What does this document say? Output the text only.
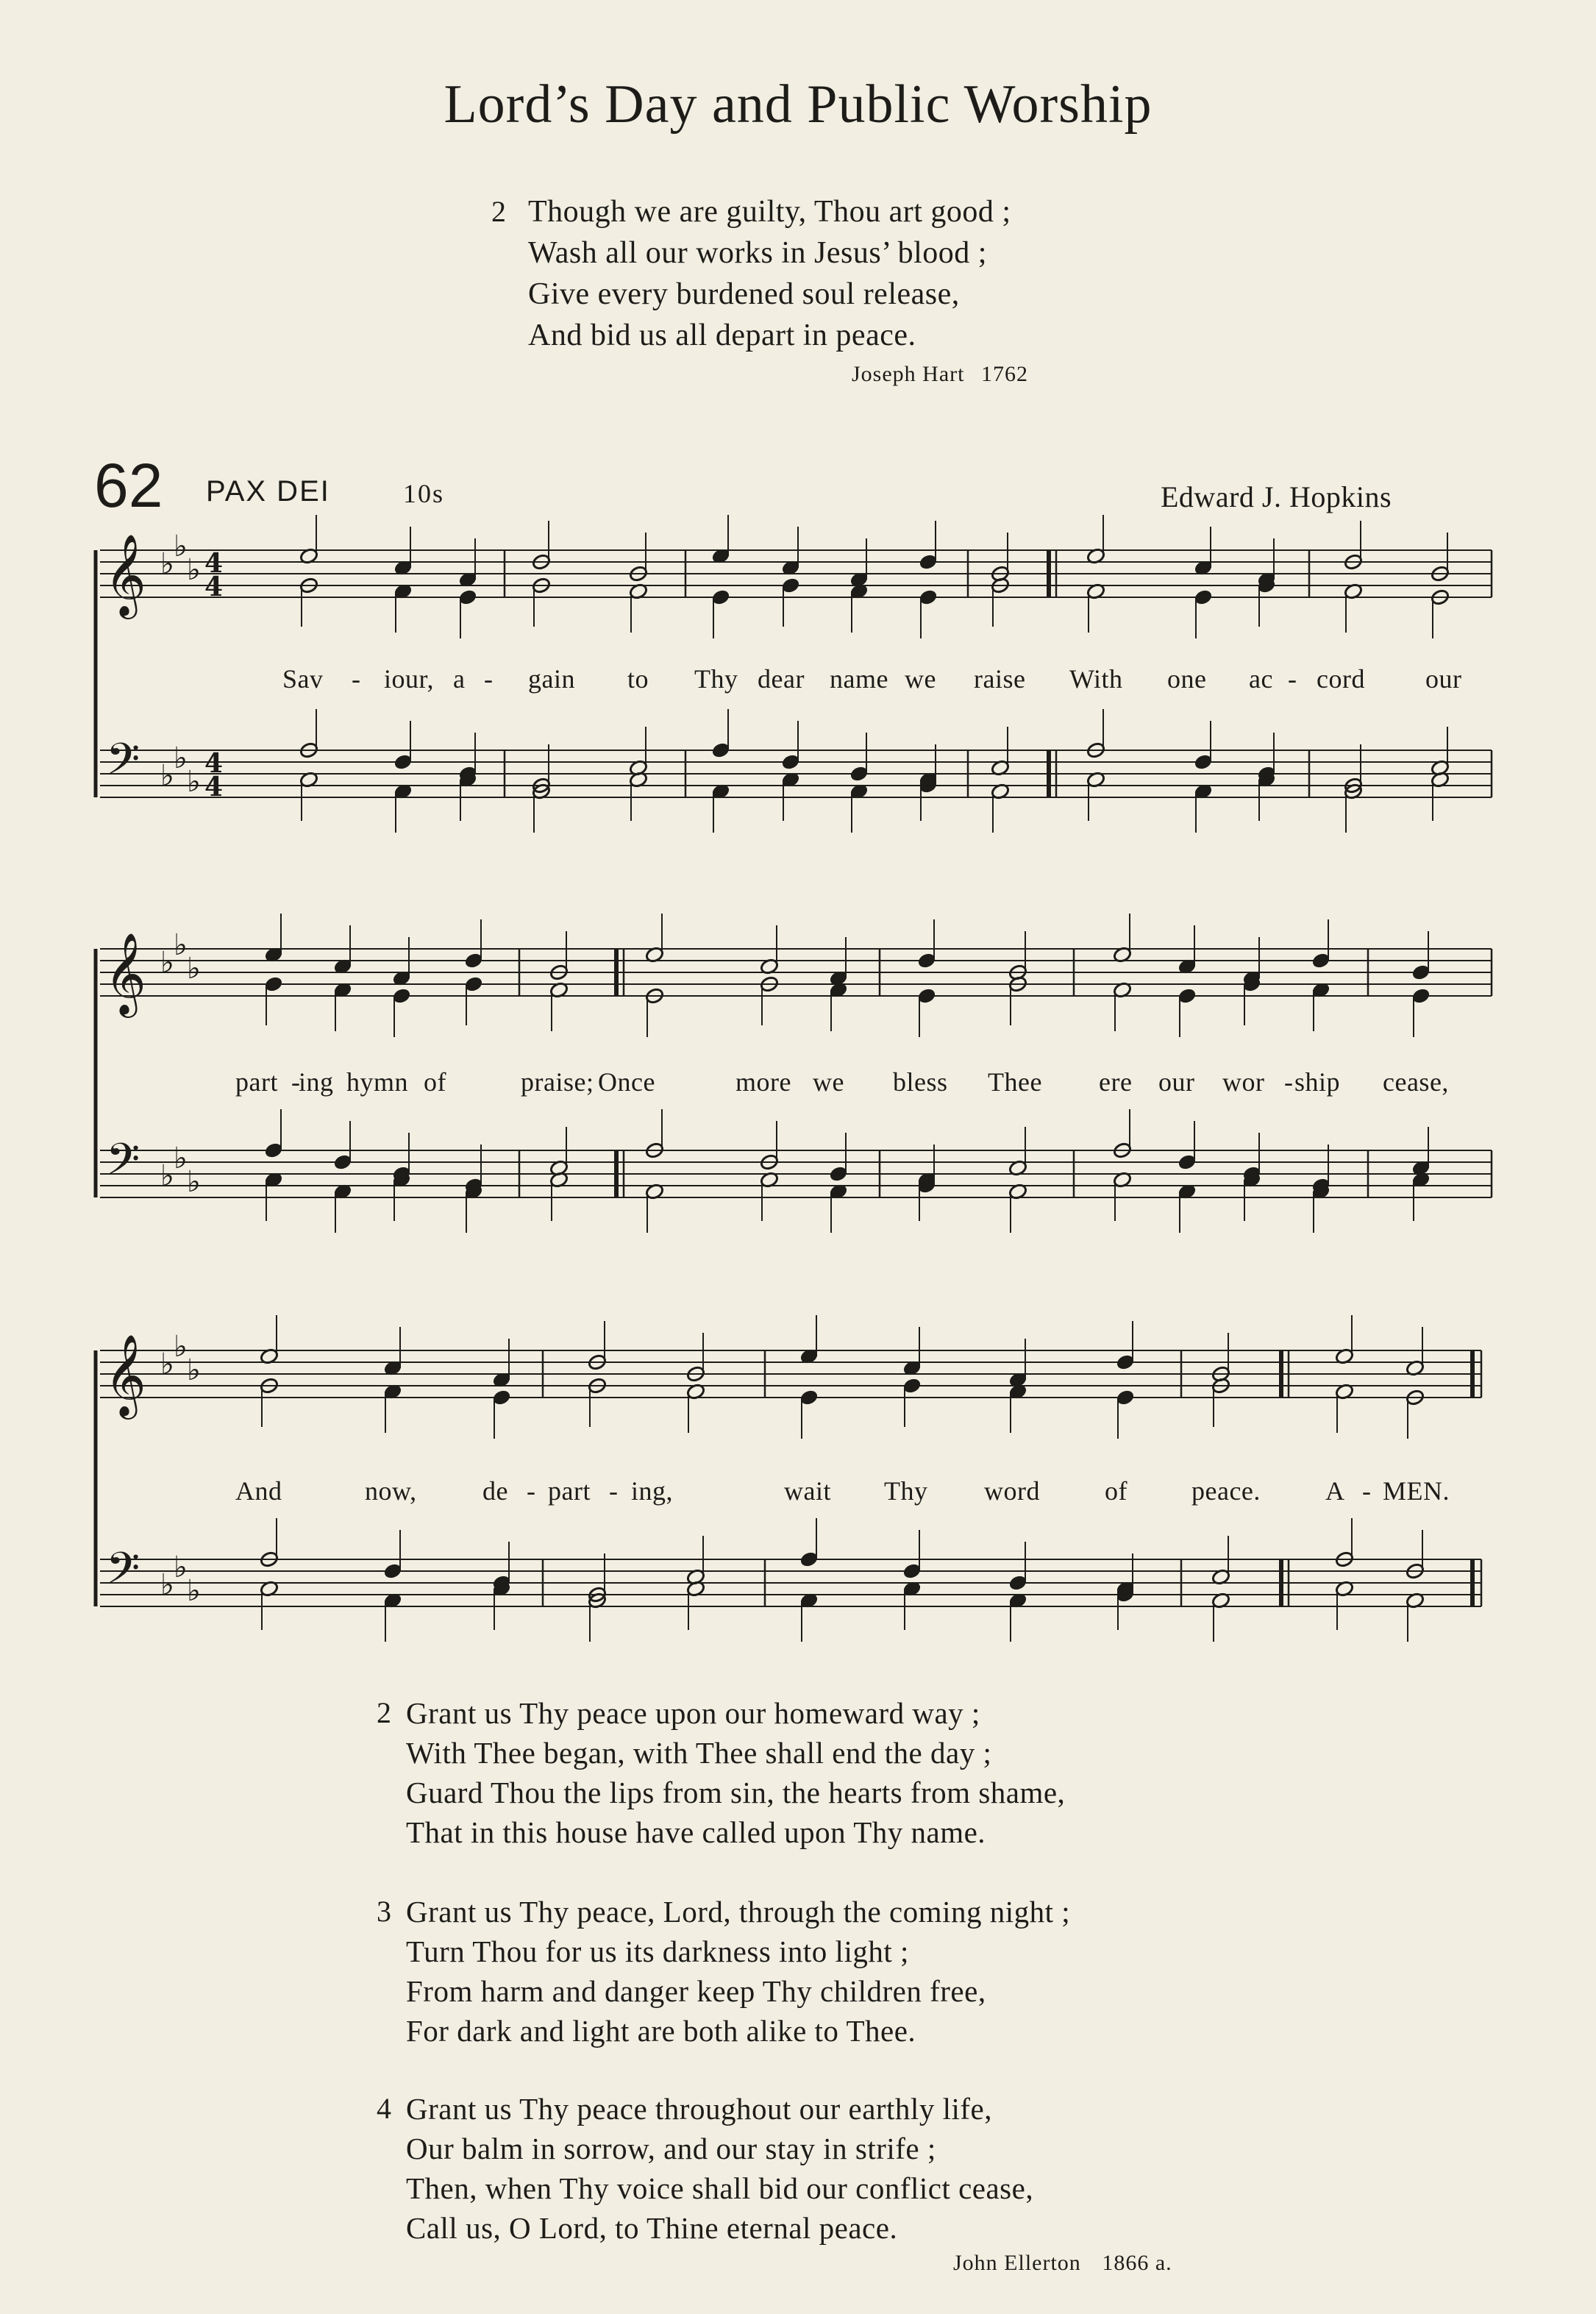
Lord’s Day and Public Worship
2 Though we are guilty, Thou art good ;
Wash all our works in Jesus’ blood ;
Give every burdened soul release,
And bid us all depart in peace.
Joseph Hart 1762
62 PAX DEI	10s	Edward J. Hopkins
𝄞
𝄢
♭
♭
♭
♭
♭
♭
4
4
4
4
𝄞
𝄢
♭
♭
♭
♭
♭
♭
𝄞
𝄢
♭
♭
♭
♭
♭
♭
Sav - iour, a - gain to Thy dear name we raise With one ac - cord our
part -
ing hymn of	praise; Once	more we bless Thee ere our wor - ship cease,
And	now, de - part - ing,	wait Thy word of peace. A - MEN.
2 Grant us Thy peace upon our homeward way ;
With Thee began, with Thee shall end the day ;
Guard Thou the lips from sin, the hearts from shame,
That in this house have called upon Thy name.
3 Grant us Thy peace, Lord, through the coming night ;
Turn Thou for us its darkness into light ;
From harm and danger keep Thy children free,
For dark and light are both alike to Thee.
4 Grant us Thy peace throughout our earthly life,
Our balm in sorrow, and our stay in strife ;
Then, when Thy voice shall bid our conflict cease,
Call us, O Lord, to Thine eternal peace.
John Ellerton 1866 a.
